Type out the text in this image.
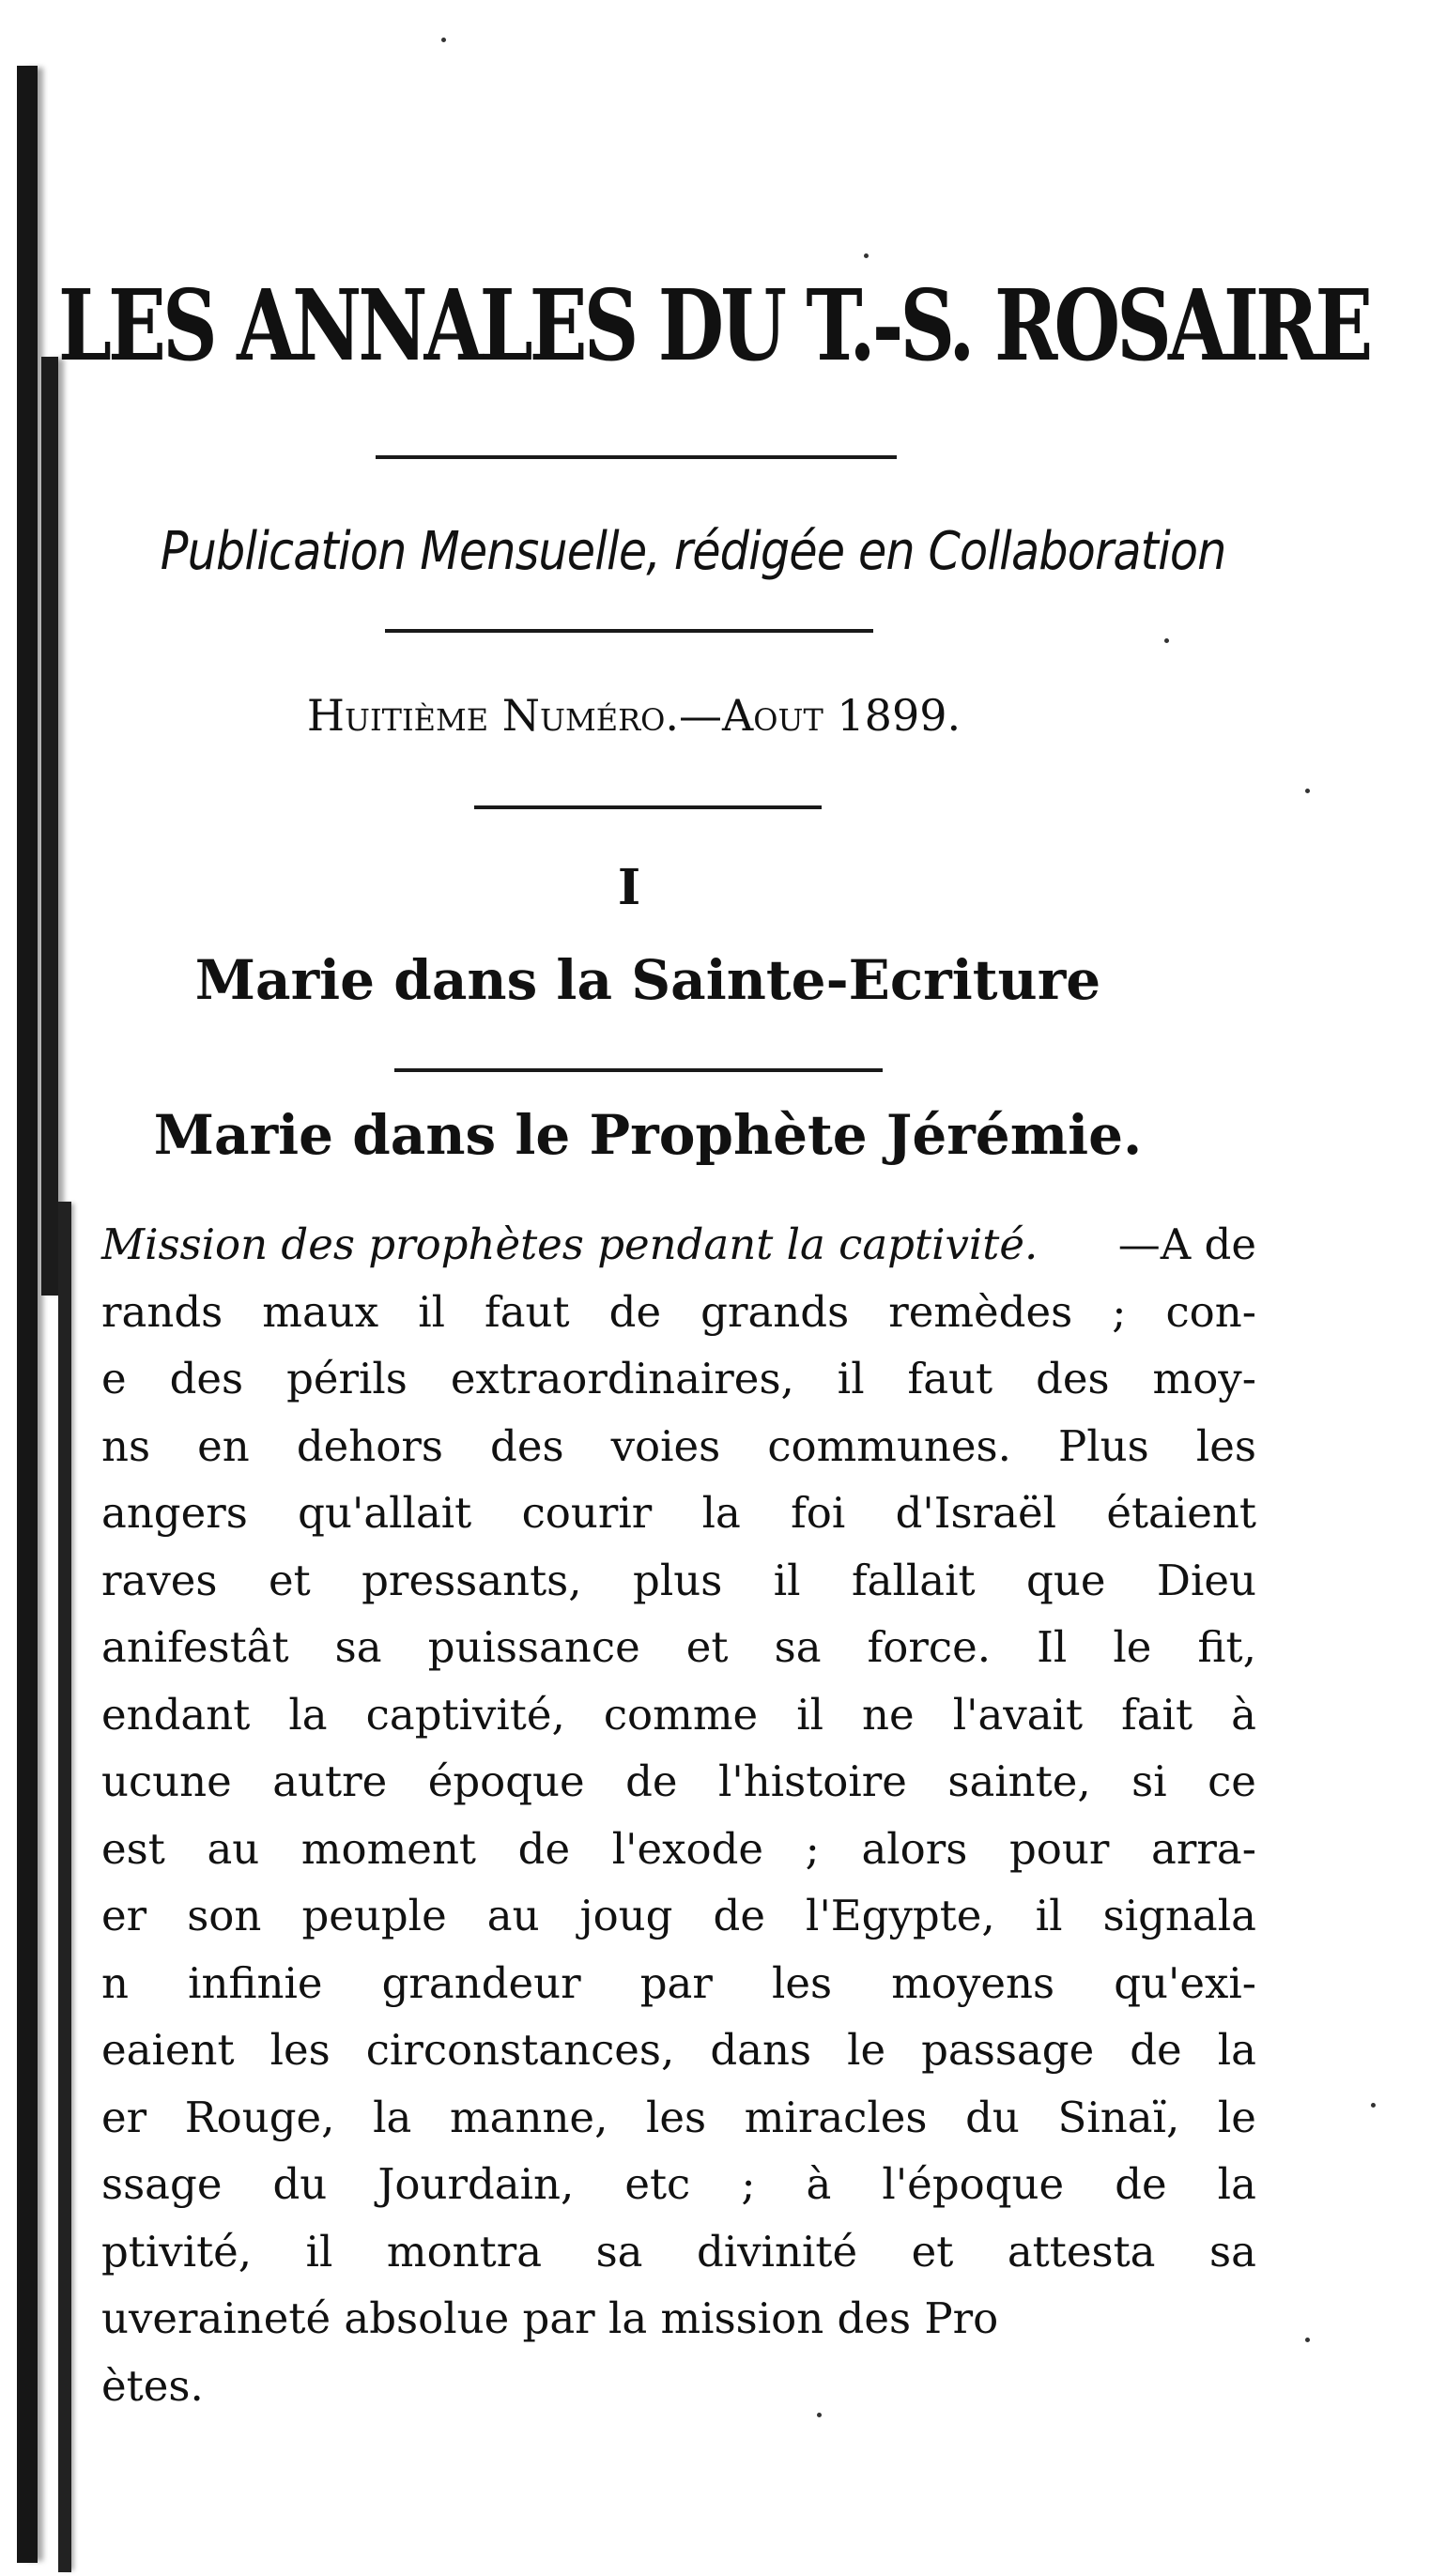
LES ANNALES DU T.-S. ROSAIRE
Publication Mensuelle, rédigée en Collaboration
Huitième Numéro.—Aout 1899.
I
Marie dans la Sainte-Ecriture
Marie dans le Prophète Jérémie.
Mission des prophètes pendant la captivité. —A de
rands maux il faut de grands remèdes ; con-
e des périls extraordinaires, il faut des moy-
ns en dehors des voies communes. Plus les
angers qu'allait courir la foi d'Israël étaient
raves et pressants, plus il fallait que Dieu
anifestât sa puissance et sa force. Il le fit,
endant la captivité, comme il ne l'avait fait à
ucune autre époque de l'histoire sainte, si ce
est au moment de l'exode ; alors pour arra-
er son peuple au joug de l'Egypte, il signala
n infinie grandeur par les moyens qu'exi-
eaient les circonstances, dans le passage de la
er Rouge, la manne, les miracles du Sinaï, le
ssage du Jourdain, etc ; à l'époque de la
ptivité, il montra sa divinité et attesta sa
uveraineté absolue par la mission des Pro
ètes.
